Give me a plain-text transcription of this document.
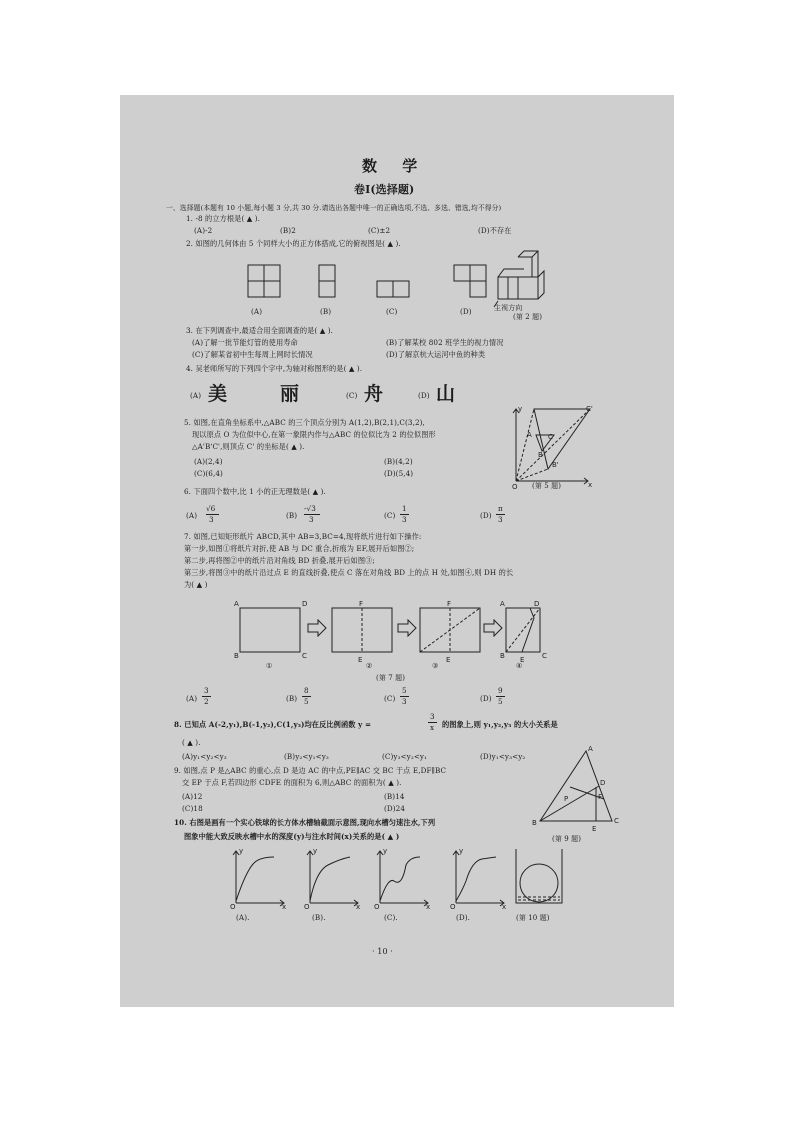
数 学
卷Ⅰ(选择题)
一、选择题(本题有 10 小题,每小题 3 分,共 30 分.请选出各题中唯一的正确选项,不选、多选、错选,均不得分)
1. -8 的立方根是( ▲ ).
(A)-2	(B)2	(C)±2	(D)不存在
2. 如图的几何体由 5 个同样大小的正方体搭成,它的俯视图是( ▲ ).
主视方向
(第 2 题)
(A)	(B)	(C)	(D)
3. 在下列调查中,最适合用全面调查的是( ▲ ).
(A)了解一批节能灯管的使用寿命	(B)了解某校 802 班学生的视力情况
(C)了解某省初中生每周上网时长情况	(D)了解京杭大运河中鱼的种类
4. 吴老师所写的下列四个字中,为轴对称图形的是( ▲ ).
(A) 美	丽	(C) 舟	(D) 山
5. 如图,在直角坐标系中,△ABC 的三个顶点分别为 A(1,2),B(2,1),C(3,2),
现以原点 O 为位似中心,在第一象限内作与△ABC 的位似比为 2 的位似图形
△A'B'C',则顶点 C' 的坐标是( ▲ ).
(A)(2,4)	(B)(4,2)
(C)(6,4)	(D)(5,4)
O
y
x
C'
C
B
B'
A
(第 5 题)
6. 下面四个数中,比 1 小的正无理数是( ▲ ).
(A)
√6
3	(B)
-√3
3	(C)
1
3	(D)
π
3
7. 如图,已知矩形纸片 ABCD,其中 AB=3,BC=4,现将纸片进行如下操作:
第一步,如图①将纸片对折,使 AB 与 DC 重合,折痕为 EF,展开后如图②;
第二步,再将图②中的纸片沿对角线 BD 折叠,展开后如图③;
第三步,将图③中的纸片沿过点 E 的直线折叠,使点 C 落在对角线 BD 上的点 H 处,如图④,则 DH 的长
为( ▲ )
A	D
B	C
F
E
F
E
A	D
B E	C
①	②	③	④
(第 7 题)
(A)
3
2	(B)
8
5	(C)
5
3	(D)
9
5
8. 已知点 A(-2,y₁),B(-1,y₂),C(1,y₃)均在反比例函数 y =
3
x 的图象上,则 y₁,y₂,y₃ 的大小关系是
( ▲ ).
(A)y₁<y₂<y₃	(B)y₂<y₁<y₃	(C)y₃<y₂<y₁	(D)y₁<y₃<y₂
9. 如图,点 P 是△ABC 的重心,点 D 是边 AC 的中点,PE∥AC 交 BC 于点 E,DF∥BC
交 EP 于点 F,若四边形 CDFE 的面积为 6,则△ABC 的面积为( ▲ ).
(A)12	(B)14
(C)18	(D)24
A
B	C
D
P	F
E
(第 9 题)
10. 右图是画有一个实心铁球的长方体水槽轴截面示意图,现向水槽匀速注水,下列
图象中能大致反映水槽中水的深度(y)与注水时间(x)关系的是( ▲ )
O
y
x	O
y
x O
y
x	O
y
x
(A).	(B).	(C).	(D).	(第 10 题)
· 10 ·
